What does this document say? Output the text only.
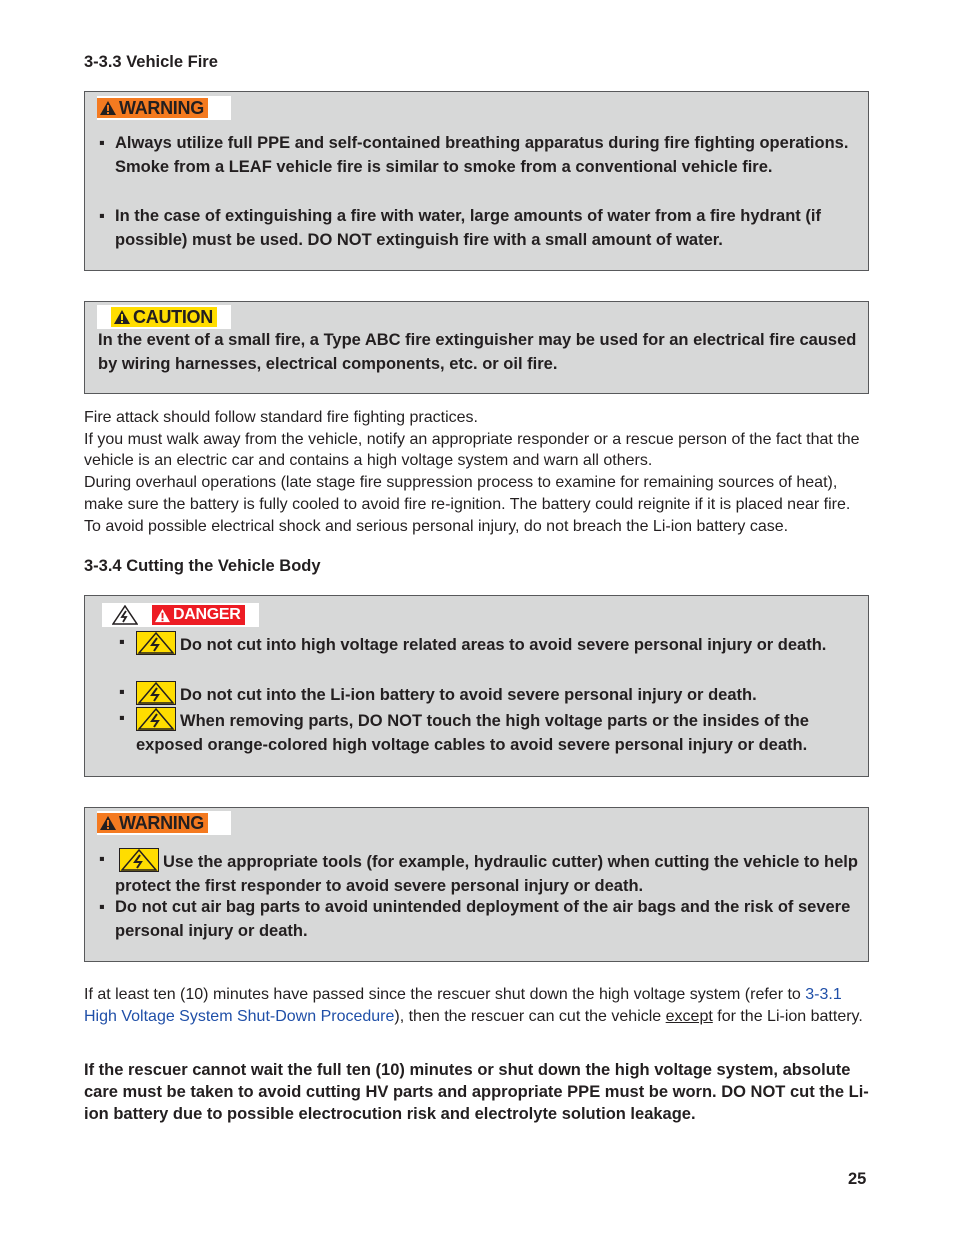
3-3.3 Vehicle Fire
WARNING
▪ Always utilize full PPE and self-contained breathing apparatus during fire fighting operations. Smoke from a LEAF vehicle fire is similar to smoke from a conventional vehicle fire.
▪ In the case of extinguishing a fire with water, large amounts of water from a fire hydrant (if possible) must be used. DO NOT extinguish fire with a small amount of water.
CAUTION
In the event of a small fire, a Type ABC fire extinguisher may be used for an electrical fire caused by wiring harnesses, electrical components, etc. or oil fire.
Fire attack should follow standard fire fighting practices.
If you must walk away from the vehicle, notify an appropriate responder or a rescue person of the fact that the vehicle is an electric car and contains a high voltage system and warn all others.
During overhaul operations (late stage fire suppression process to examine for remaining sources of heat), make sure the battery is fully cooled to avoid fire re-ignition. The battery could reignite if it is placed near fire.
To avoid possible electrical shock and serious personal injury, do not breach the Li-ion battery case.
3-3.4 Cutting the Vehicle Body
DANGER
▪	Do not cut into high voltage related areas to avoid severe personal injury or death.
▪	Do not cut into the Li-ion battery to avoid severe personal injury or death.
▪	When removing parts, DO NOT touch the high voltage parts or the insides of the exposed orange-colored high voltage cables to avoid severe personal injury or death.
WARNING
▪	Use the appropriate tools (for example, hydraulic cutter) when cutting the vehicle to help protect the first responder to avoid severe personal injury or death.
▪ Do not cut air bag parts to avoid unintended deployment of the air bags and the risk of severe personal injury or death.
If at least ten (10) minutes have passed since the rescuer shut down the high voltage system (refer to 3-3.1 High Voltage System Shut-Down Procedure), then the rescuer can cut the vehicle except for the Li-ion battery.
If the rescuer cannot wait the full ten (10) minutes or shut down the high voltage system, absolute care must be taken to avoid cutting HV parts and appropriate PPE must be worn. DO NOT cut the Li-ion battery due to possible electrocution risk and electrolyte solution leakage.
25
